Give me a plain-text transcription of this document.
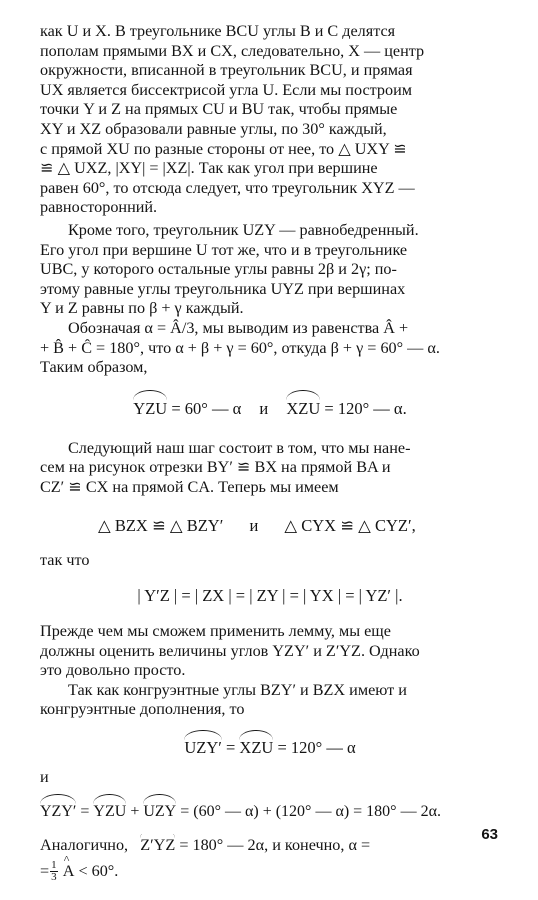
как U и X. В треугольнике BCU углы B и C делятся
пополам прямыми BX и CX, следовательно, X — центр
окружности, вписанной в треугольник BCU, и прямая
UX является биссектрисой угла U. Если мы построим
точки Y и Z на прямых CU и BU так, чтобы прямые
XY и XZ образовали равные углы, по 30° каждый,
с прямой XU по разные стороны от нее, то △ UXY ≌
≌ △ UXZ, |XY| = |XZ|. Так как угол при вершине
равен 60°, то отсюда следует, что треугольник XYZ —
равносторонний.

Кроме того, треугольник UZY — равнобедренный.
Его угол при вершине U тот же, что и в треугольнике
UBC, у которого остальные углы равны 2β и 2γ; по-
этому равные углы треугольника UYZ при вершинах
Y и Z равны по β + γ каждый.

Обозначая α = Â/3, мы выводим из равенства Â +
+ B̂ + Ĉ = 180°, что α + β + γ = 60°, откуда β + γ = 60° — α.
Таким образом,

YZU = 60° — α и XZU = 120° — α.

Следующий наш шаг состоит в том, что мы нане-
сем на рисунок отрезки BY′ ≌ BX на прямой BA и
CZ′ ≌ CX на прямой CA. Теперь мы имеем

△ BZX ≌ △ BZY′ и △ CYX ≌ △ CYZ′,

так что

| Y′Z | = | ZX | = | ZY | = | YX | = | YZ′ |.

Прежде чем мы сможем применить лемму, мы еще
должны оценить величины углов YZY′ и Z′YZ. Однако
это довольно просто.

Так как конгруэнтные углы BZY′ и BZX имеют и
конгруэнтные дополнения, то

UZY′ = XZU = 120° — α

и

YZY′ = YZU + UZY = (60° — α) + (120° — α) = 180° — 2α.

Аналогично, Z′YZ = 180° — 2α, и конечно, α =
= $\frac{1}{3}$
^ A < 60°.

63
